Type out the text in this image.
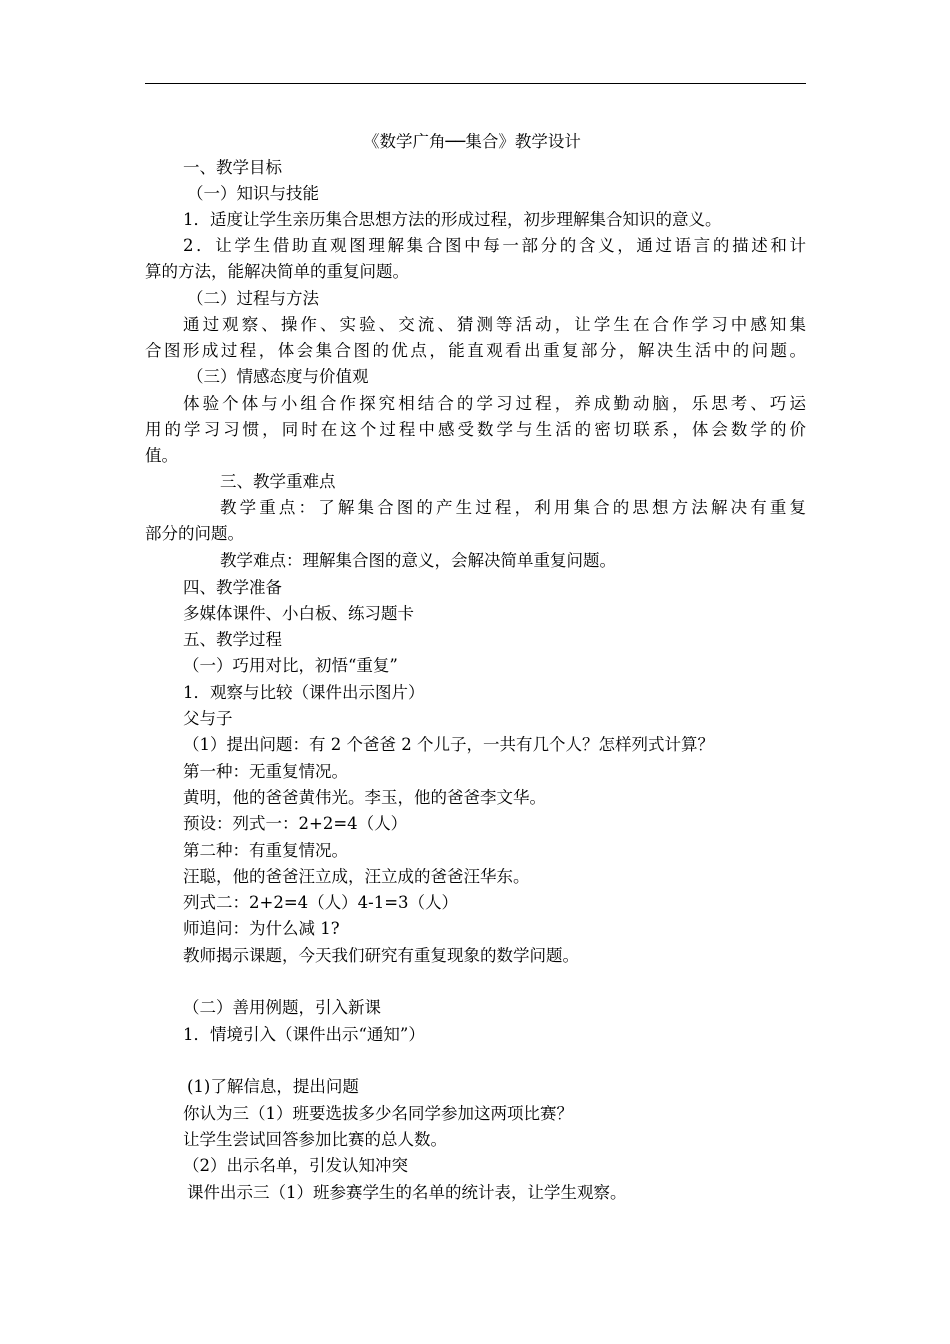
《数学广角──集合》教学设计
一、教学目标
（一）知识与技能
1．适度让学生亲历集合思想方法的形成过程，初步理解集合知识的意义。
2．让学生借助直观图理解集合图中每一部分的含义，通过语言的描述和计
算的方法，能解决简单的重复问题。
（二）过程与方法
通过观察、操作、实验、交流、猜测等活动，让学生在合作学习中感知集
合图形成过程，体会集合图的优点，能直观看出重复部分，解决生活中的问题。
（三）情感态度与价值观
体验个体与小组合作探究相结合的学习过程，养成勤动脑，乐思考、巧运
用的学习习惯，同时在这个过程中感受数学与生活的密切联系，体会数学的价
值。
三、教学重难点
教学重点：了解集合图的产生过程，利用集合的思想方法解决有重复
部分的问题。
教学难点：理解集合图的意义，会解决简单重复问题。
四、教学准备
多媒体课件、小白板、练习题卡
五、教学过程
（一）巧用对比，初悟“重复”
1．观察与比较（课件出示图片）
父与子
（1）提出问题：有 2 个爸爸 2 个儿子，一共有几个人？怎样列式计算？
第一种：无重复情况。
黄明，他的爸爸黄伟光。李玉，他的爸爸李文华。
预设：列式一：2+2=4（人）
第二种：有重复情况。
汪聪，他的爸爸汪立成，汪立成的爸爸汪华东。
列式二：2+2=4（人）4-1=3（人）
师追问：为什么减 1?
教师揭示课题，今天我们研究有重复现象的数学问题。
（二）善用例题，引入新课
1．情境引入（课件出示“通知”）
(1)了解信息，提出问题
你认为三（1）班要选拔多少名同学参加这两项比赛？
让学生尝试回答参加比赛的总人数。
（2）出示名单，引发认知冲突
课件出示三（1）班参赛学生的名单的统计表，让学生观察。
